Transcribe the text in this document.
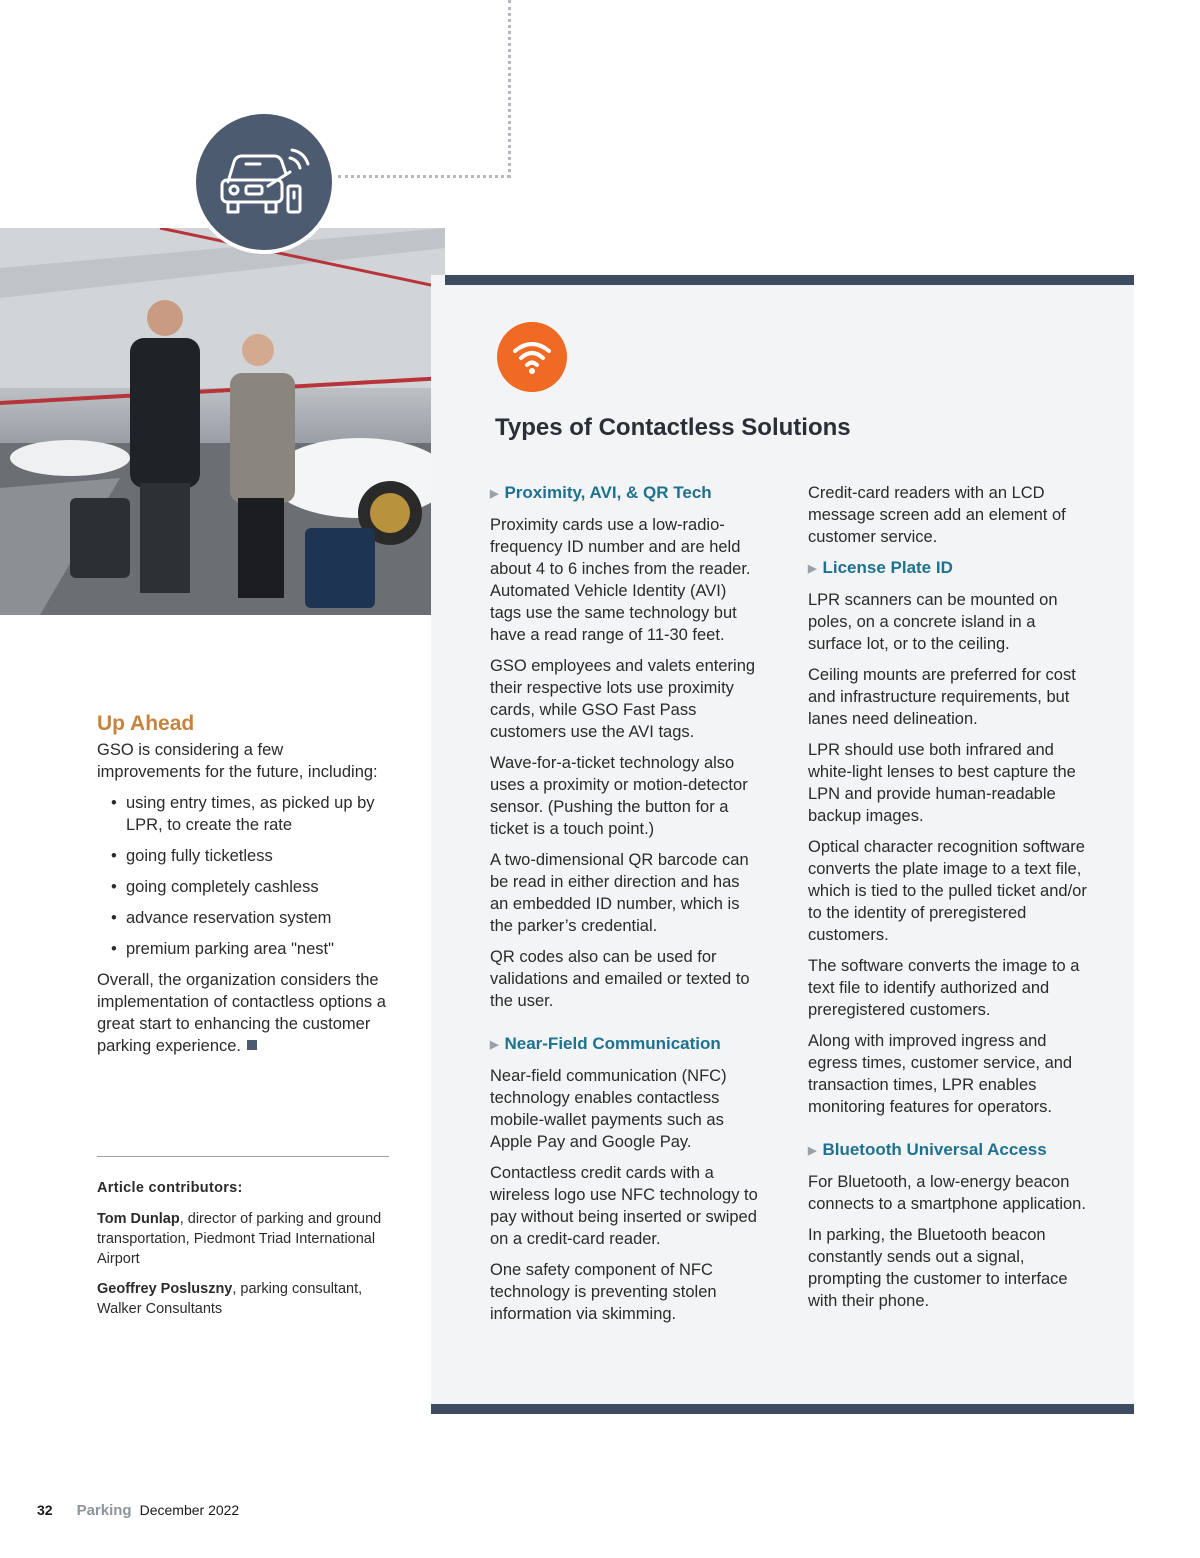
Types of Contactless Solutions
▶ Proximity, AVI, & QR Tech

Proximity cards use a low-radio-frequency ID number and are held about 4 to 6 inches from the reader. Automated Vehicle Identity (AVI) tags use the same technology but have a read range of 11-30 feet.

GSO employees and valets entering their respective lots use proximity cards, while GSO Fast Pass customers use the AVI tags.

Wave-for-a-ticket technology also uses a proximity or motion-detector sensor. (Pushing the button for a ticket is a touch point.)

A two-dimensional QR barcode can be read in either direction and has an embedded ID number, which is the parker’s credential.

QR codes also can be used for validations and emailed or texted to the user.

▶ Near-Field Communication

Near-field communication (NFC) technology enables contactless mobile-wallet payments such as Apple Pay and Google Pay.

Contactless credit cards with a wireless logo use NFC technology to pay without being inserted or swiped on a credit-card reader.

One safety component of NFC technology is preventing stolen information via skimming.

Credit-card readers with an LCD message screen add an element of customer service.

▶ License Plate ID

LPR scanners can be mounted on poles, on a concrete island in a surface lot, or to the ceiling.

Ceiling mounts are preferred for cost and infrastructure requirements, but lanes need delineation.

LPR should use both infrared and white-light lenses to best capture the LPN and provide human-readable backup images.

Optical character recognition software converts the plate image to a text file, which is tied to the pulled ticket and/or to the identity of preregistered customers.

The software converts the image to a text file to identify authorized and preregistered customers.

Along with improved ingress and egress times, customer service, and transaction times, LPR enables monitoring features for operators.

▶ Bluetooth Universal Access

For Bluetooth, a low-energy beacon connects to a smartphone application.

In parking, the Bluetooth beacon constantly sends out a signal, prompting the customer to interface with their phone.

Up Ahead

GSO is considering a few improvements for the future, including:

• using entry times, as picked up by LPR, to create the rate
• going fully ticketless
• going completely cashless
• advance reservation system
• premium parking area "nest"

Overall, the organization considers the implementation of contactless options a great start to enhancing the customer parking experience.

Article contributors:

Tom Dunlap, director of parking and ground transportation, Piedmont Triad International Airport

Geoffrey Posluszny, parking consultant, Walker Consultants

32 Parking December 2022
